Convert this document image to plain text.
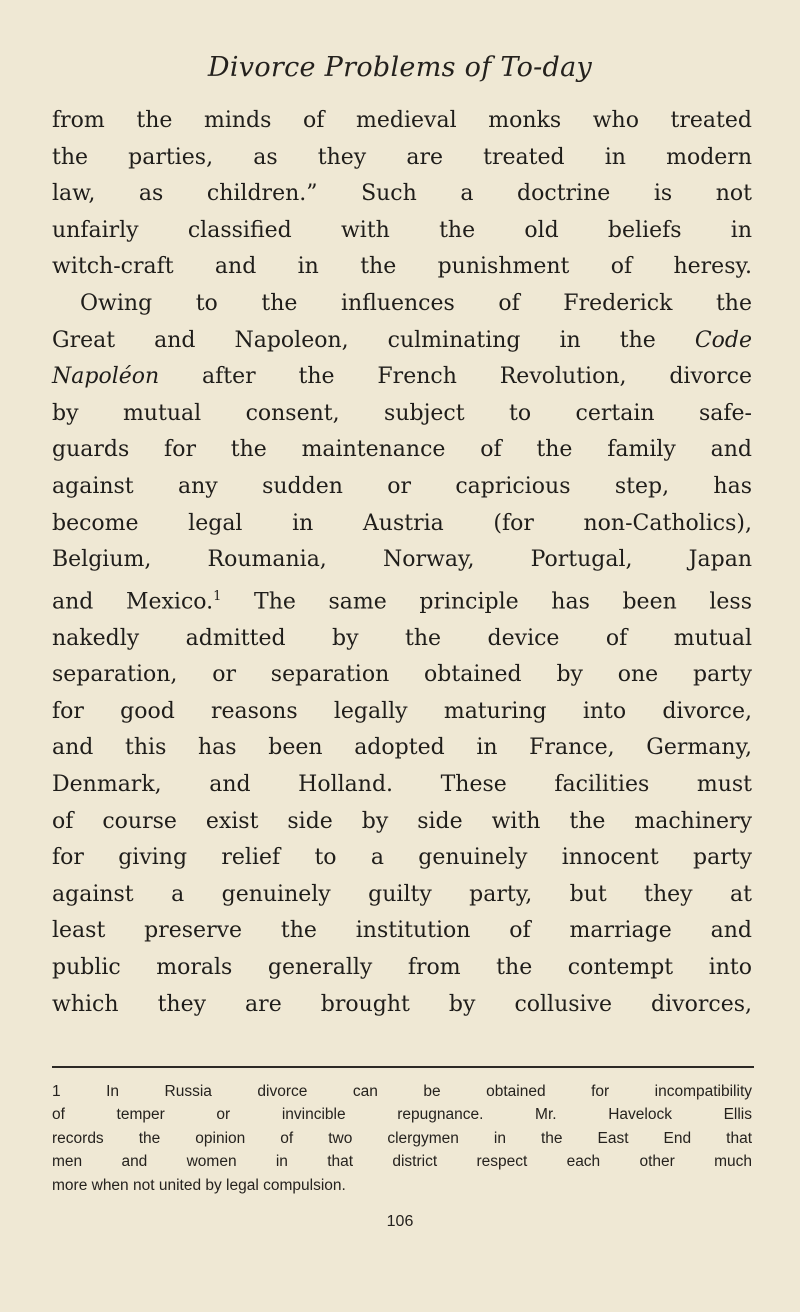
Divorce Problems of To-day
from the minds of medieval monks who treated
the parties, as they are treated in modern
law, as children.” Such a doctrine is not
unfairly classified with the old beliefs in
witch-craft and in the punishment of heresy.
Owing to the influences of Frederick the
Great and Napoleon, culminating in the Code
Napoléon after the French Revolution, divorce
by mutual consent, subject to certain safe-
guards for the maintenance of the family and
against any sudden or capricious step, has
become legal in Austria (for non-Catholics),
Belgium, Roumania, Norway, Portugal, Japan
and Mexico.$^1$ The same principle has been less
nakedly admitted by the device of mutual
separation, or separation obtained by one party
for good reasons legally maturing into divorce,
and this has been adopted in France, Germany,
Denmark, and Holland. These facilities must
of course exist side by side with the machinery
for giving relief to a genuinely innocent party
against a genuinely guilty party, but they at
least preserve the institution of marriage and
public morals generally from the contempt into
which they are brought by collusive divorces,
1 In Russia divorce can be obtained for incompatibility
of temper or invincible repugnance. Mr. Havelock Ellis
records the opinion of two clergymen in the East End that
men and women in that district respect each other much
more when not united by legal compulsion.
106
